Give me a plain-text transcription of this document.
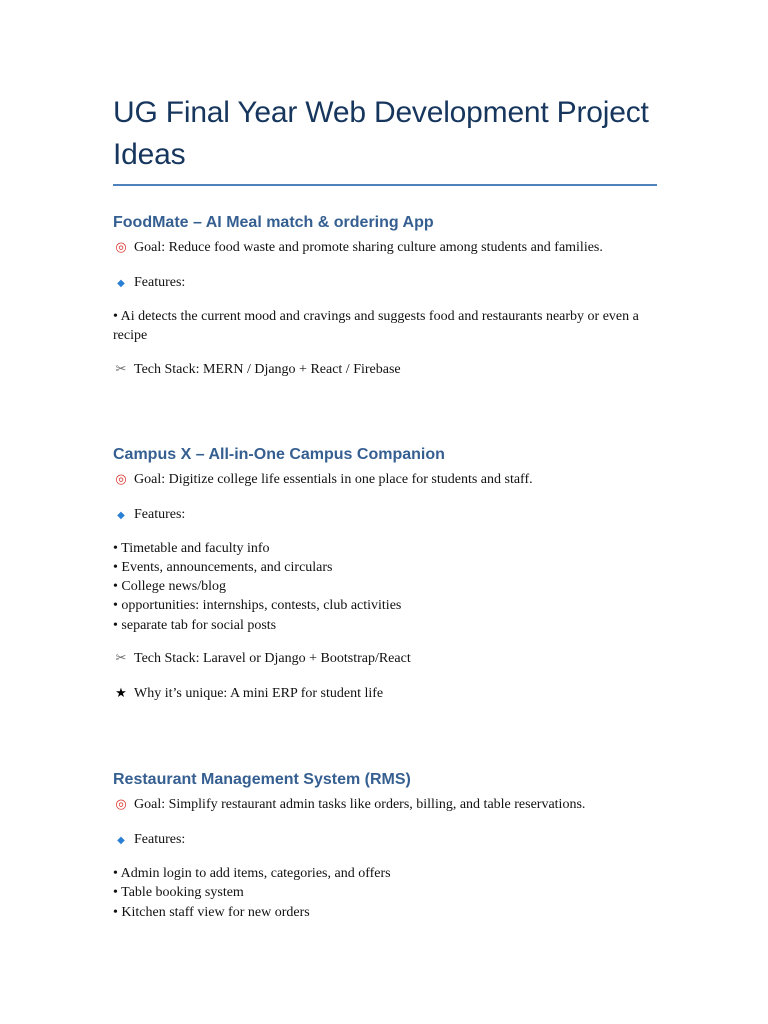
UG Final Year Web Development Project Ideas
FoodMate – AI Meal match & ordering App

◎ Goal: Reduce food waste and promote sharing culture among students and families.

◆ Features:

• Ai detects the current mood and cravings and suggests food and restaurants nearby or even a recipe

✂ Tech Stack: MERN / Django + React / Firebase

Campus X – All-in-One Campus Companion

◎ Goal: Digitize college life essentials in one place for students and staff.

◆ Features:

• Timetable and faculty info
• Events, announcements, and circulars
• College news/blog
• opportunities: internships, contests, club activities
• separate tab for social posts

✂ Tech Stack: Laravel or Django + Bootstrap/React

★ Why it’s unique: A mini ERP for student life

Restaurant Management System (RMS)

◎ Goal: Simplify restaurant admin tasks like orders, billing, and table reservations.

◆ Features:

• Admin login to add items, categories, and offers
• Table booking system
• Kitchen staff view for new orders
